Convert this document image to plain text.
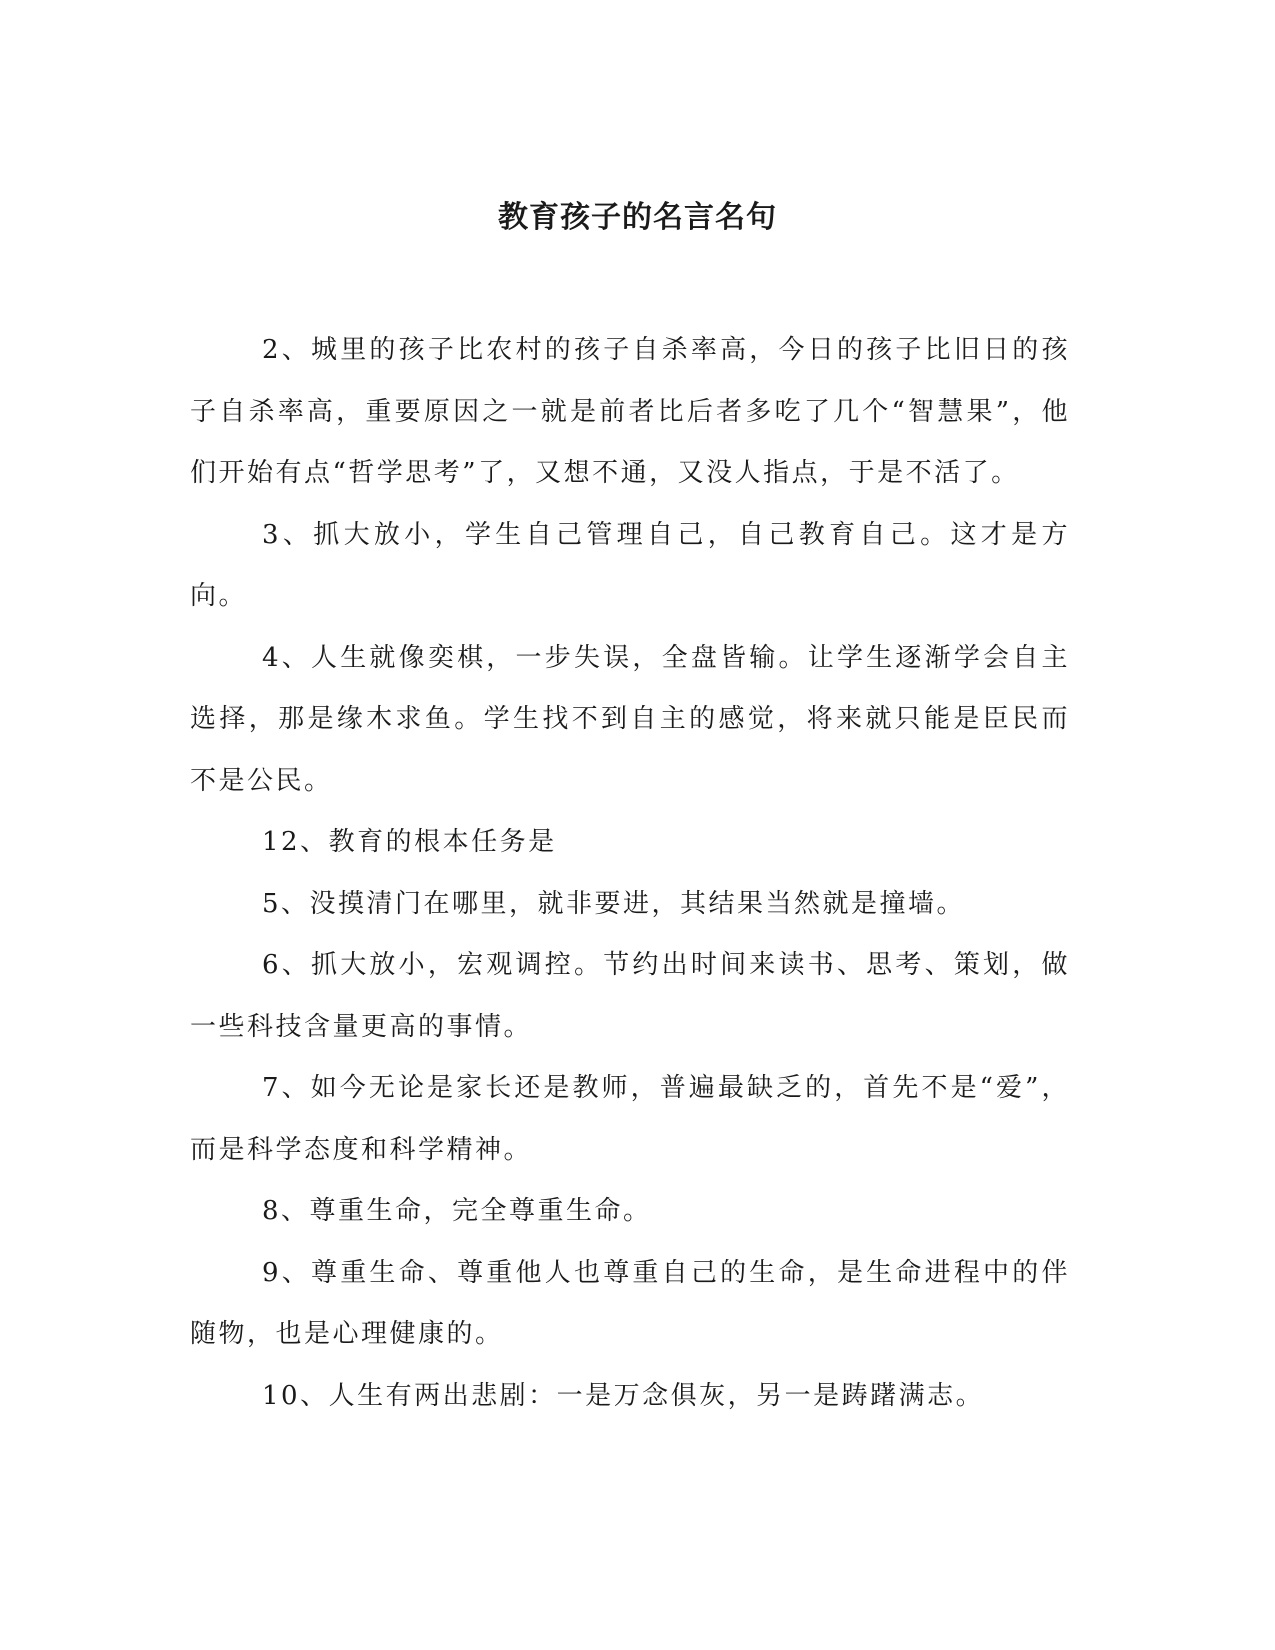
教育孩子的名言名句

2、城里的孩子比农村的孩子自杀率高，今日的孩子比旧日的孩子自杀率高，重要原因之一就是前者比后者多吃了几个“智慧果”，他们开始有点“哲学思考”了，又想不通，又没人指点，于是不活了。

3、抓大放小，学生自己管理自己，自己教育自己。这才是方向。

4、人生就像奕棋，一步失误，全盘皆输。让学生逐渐学会自主选择，那是缘木求鱼。学生找不到自主的感觉，将来就只能是臣民而不是公民。

12、教育的根本任务是

5、没摸清门在哪里，就非要进，其结果当然就是撞墙。

6、抓大放小，宏观调控。节约出时间来读书、思考、策划，做一些科技含量更高的事情。

7、如今无论是家长还是教师，普遍最缺乏的，首先不是“爱”，而是科学态度和科学精神。

8、尊重生命，完全尊重生命。

9、尊重生命、尊重他人也尊重自己的生命，是生命进程中的伴随物，也是心理健康的。

10、人生有两出悲剧：一是万念俱灰，另一是踌躇满志。
